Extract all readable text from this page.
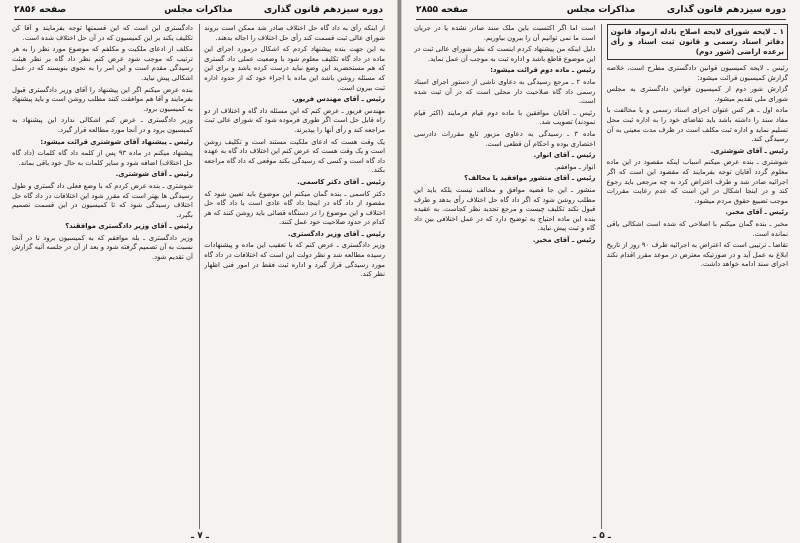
دوره سیزدهم قانون گذاری
مذاکرات مجلس
صفحه ۲۸۵۶

از اینکه رأی به داد گاه حل اختلاف صادر شد ممکن است بروند شورای عالی ثبت قسمت کند رأی حل اختلاف را اجاله بدهند.

به این جهت بنده پیشنهاد کردم که اشکال درمورد اجرای این ماده در داد گاه تکلیف معلوم شود با وضعیت عملی داد گستری که هم مستحضرید این وضع نباید درست کرده باشد و برای این که مسئله روشن باشد این ماده با اجراء خود که از حدود اداره ثبت بیرون است.

رئیس ـ آقای مهندس فریور.

مهندس فریور ـ عرض کنم که این مسئله داد گاه و اختلاف از دو راه قابل حل است اگر طوری فرموده شود که شورای عالی ثبت مراجعه کند و رأی آنها را بپذیرند.

یک وقت هست که ادعای ملکیت مستند است و تکلیف روشن است و یک وقت هست که عرض کنم این اختلاف داد گاه به عهده داد گاه است و کسی که رسیدگی بکند موقعی که داد گاه مراجعه بکند.

رئیس ـ آقای دکتر کاسمی.

دکتر کاسمی ـ بنده گمان میکنم این موضوع باید تعیین شود که مقصود از داد گاه در اینجا داد گاه عادی است یا داد گاه حل اختلاف و این موضوع را در دستگاه قضائی باید روشن کنند که هر کدام در حدود صلاحیت خود عمل کنند.

رئیس ـ آقای وزیر دادگستری.

وزیر دادگستری ـ عرض کنم که با تعقیب این ماده و پیشنهادات رسیده مطالعه شد و نظر دولت این است که اختلافات در داد گاه مورد رسیدگی قرار گیرد و اداره ثبت فقط در امور فنی اظهار نظر کند.

دادگستری ابن است که این قسمتها توجه بفرمایند و آقا کن تکلیف یکند بر این کمیسیون که در آن حل اختلاف شده است.

مکلف از ادعای ملکیت و مکلفم که موضوع مورد نظر را به هر ترتیب که موجب شود عرض کنم نظر داد گاه بر نظر هیئت رسیدگی مقدم است و این امر را به نحوی بنویسند که در عمل اشکالی پیش نیاید.

بنده عرض میکنم اگر این پیشنهاد را آقای وزیر دادگستری قبول بفرمایند و آقا هم موافقت کنند مطلب روشن است و باید پیشنهاد به کمیسیون برود.

وزیر دادگستری ـ عرض کنم اشکالی ندارد این پیشنهاد به کمیسیون برود و در آنجا مورد مطالعه قرار گیرد.

رئیس ـ پیشنهاد آقای شوشتری قرائت میشود:

پیشنهاد میکنم در ماده ۹۳ پس از کلمه داد گاه کلمات (داد گاه حل اختلاف) اضافه شود و سایر کلمات به حال خود باقی بماند.

رئیس ـ آقای شوشتری.

شوشتری ـ بنده عرض کردم که با وضع فعلی داد گستری و طول رسیدگی ها بهتر است که مقرر شود این اختلافات در داد گاه حل اختلاف رسیدگی شود که تا کمیسیون در این قسمت تصمیم بگیرد.

رئیس ـ آقای وزیر دادگستری موافقند؟

وزیر دادگستری ـ بله موافقم که به کمیسیون برود تا در آنجا نسبت به آن تصمیم گرفته شود و بعد از آن در جلسه آتیه گزارش آن تقدیم شود.

ـ ۷ ـ
دوره سیزدهم قانون گذاری
مذاکرات مجلس
صفحه ۲۸۵۵

۱ ـ لایحه شورای لایحه اصلاح بادله ازمواد قانون دفاتر اسناد رسمی و قانون ثبت اسناد و رأی برعده اراضی (شور دوم)

رئیس ـ لایحه کمیسیون قوانین دادگستری مطرح است، خلاصه گزارش کمیسیون قرائت میشود:

گزارش شور دوم از کمیسیون قوانین دادگستری به مجلس شورای ملی تقدیم میشود.

ماده اول ـ هر کس عنوان اجرای اسناد رسمی و یا مخالفت با مفاد سند را داشته باشد باید تقاضای خود را به اداره ثبت محل تسلیم نماید و اداره ثبت مکلف است در ظرف مدت معینی به آن رسیدگی کند.

رئیس ـ آقای شوشتری.

شوشتری ـ بنده عرض میکنم اسباب اینکه مقصود در این ماده معلوم گردد آقایان توجه بفرمایند که مقصود این است که اگر اجرائیه صادر شد و طرف اعتراض کرد به چه مرجعی باید رجوع کند و در اینجا اشکال در این است که عدم رعایت مقررات موجب تضییع حقوق مردم میشود.

رئیس ـ آقای مخبر.

مخبر ـ بنده گمان میکنم با اصلاحی که شده است اشکالی باقی نمانده است.

تقاضا ـ ترتیبی است که اعتراض به اجرائیه ظرف ۹۰ روز از تاریخ ابلاغ به عمل آید و در صورتیکه معترض در موعد مقرر اقدام نکند اجرای سند ادامه خواهد داشت.

است اما اگر اکتسبت باین ملک سند صادر نشده یا در جریان است ما نمی توانیم آن را بیرون بیاوریم.

دلیل اینکه من پیشنهاد کردم اینست که نظر شورای عالی ثبت در این موضوع قاطع باشد و اداره ثبت به موجب آن عمل نماید.

رئیس ـ ماده دوم قرائت میشود:

ماده ۲ ـ مرجع رسیدگی به دعاوی ناشی از دستور اجرای اسناد رسمی داد گاه صلاحیت دار محلی است که در آن ثبت شده است.

رئیس ـ آقایان موافقین با ماده دوم قیام فرمایند (اکثر قیام نمودند) تصویب شد.

ماده ۳ ـ رسیدگی به دعاوی مزبور تابع مقررات دادرسی اختصاری بوده و احکام آن قطعی است.

رئیس ـ آقای انوار.

انوار ـ موافقم.

رئیس ـ آقای منشور موافقید یا مخالف؟

منشور ـ این جا قضیه موافق و مخالف نیست بلکه باید این مطلب روشن شود که اگر داد گاه حل اختلاف رأی بدهد و طرف قبول نکند تکلیف چیست و مرجع تجدید نظر کجاست. به عقیده بنده این ماده احتیاج به توضیح دارد که در عمل اختلافی بین داد گاه و ثبت پیش نیاید.

رئیس ـ آقای مخبر.

ـ ۵ ـ
